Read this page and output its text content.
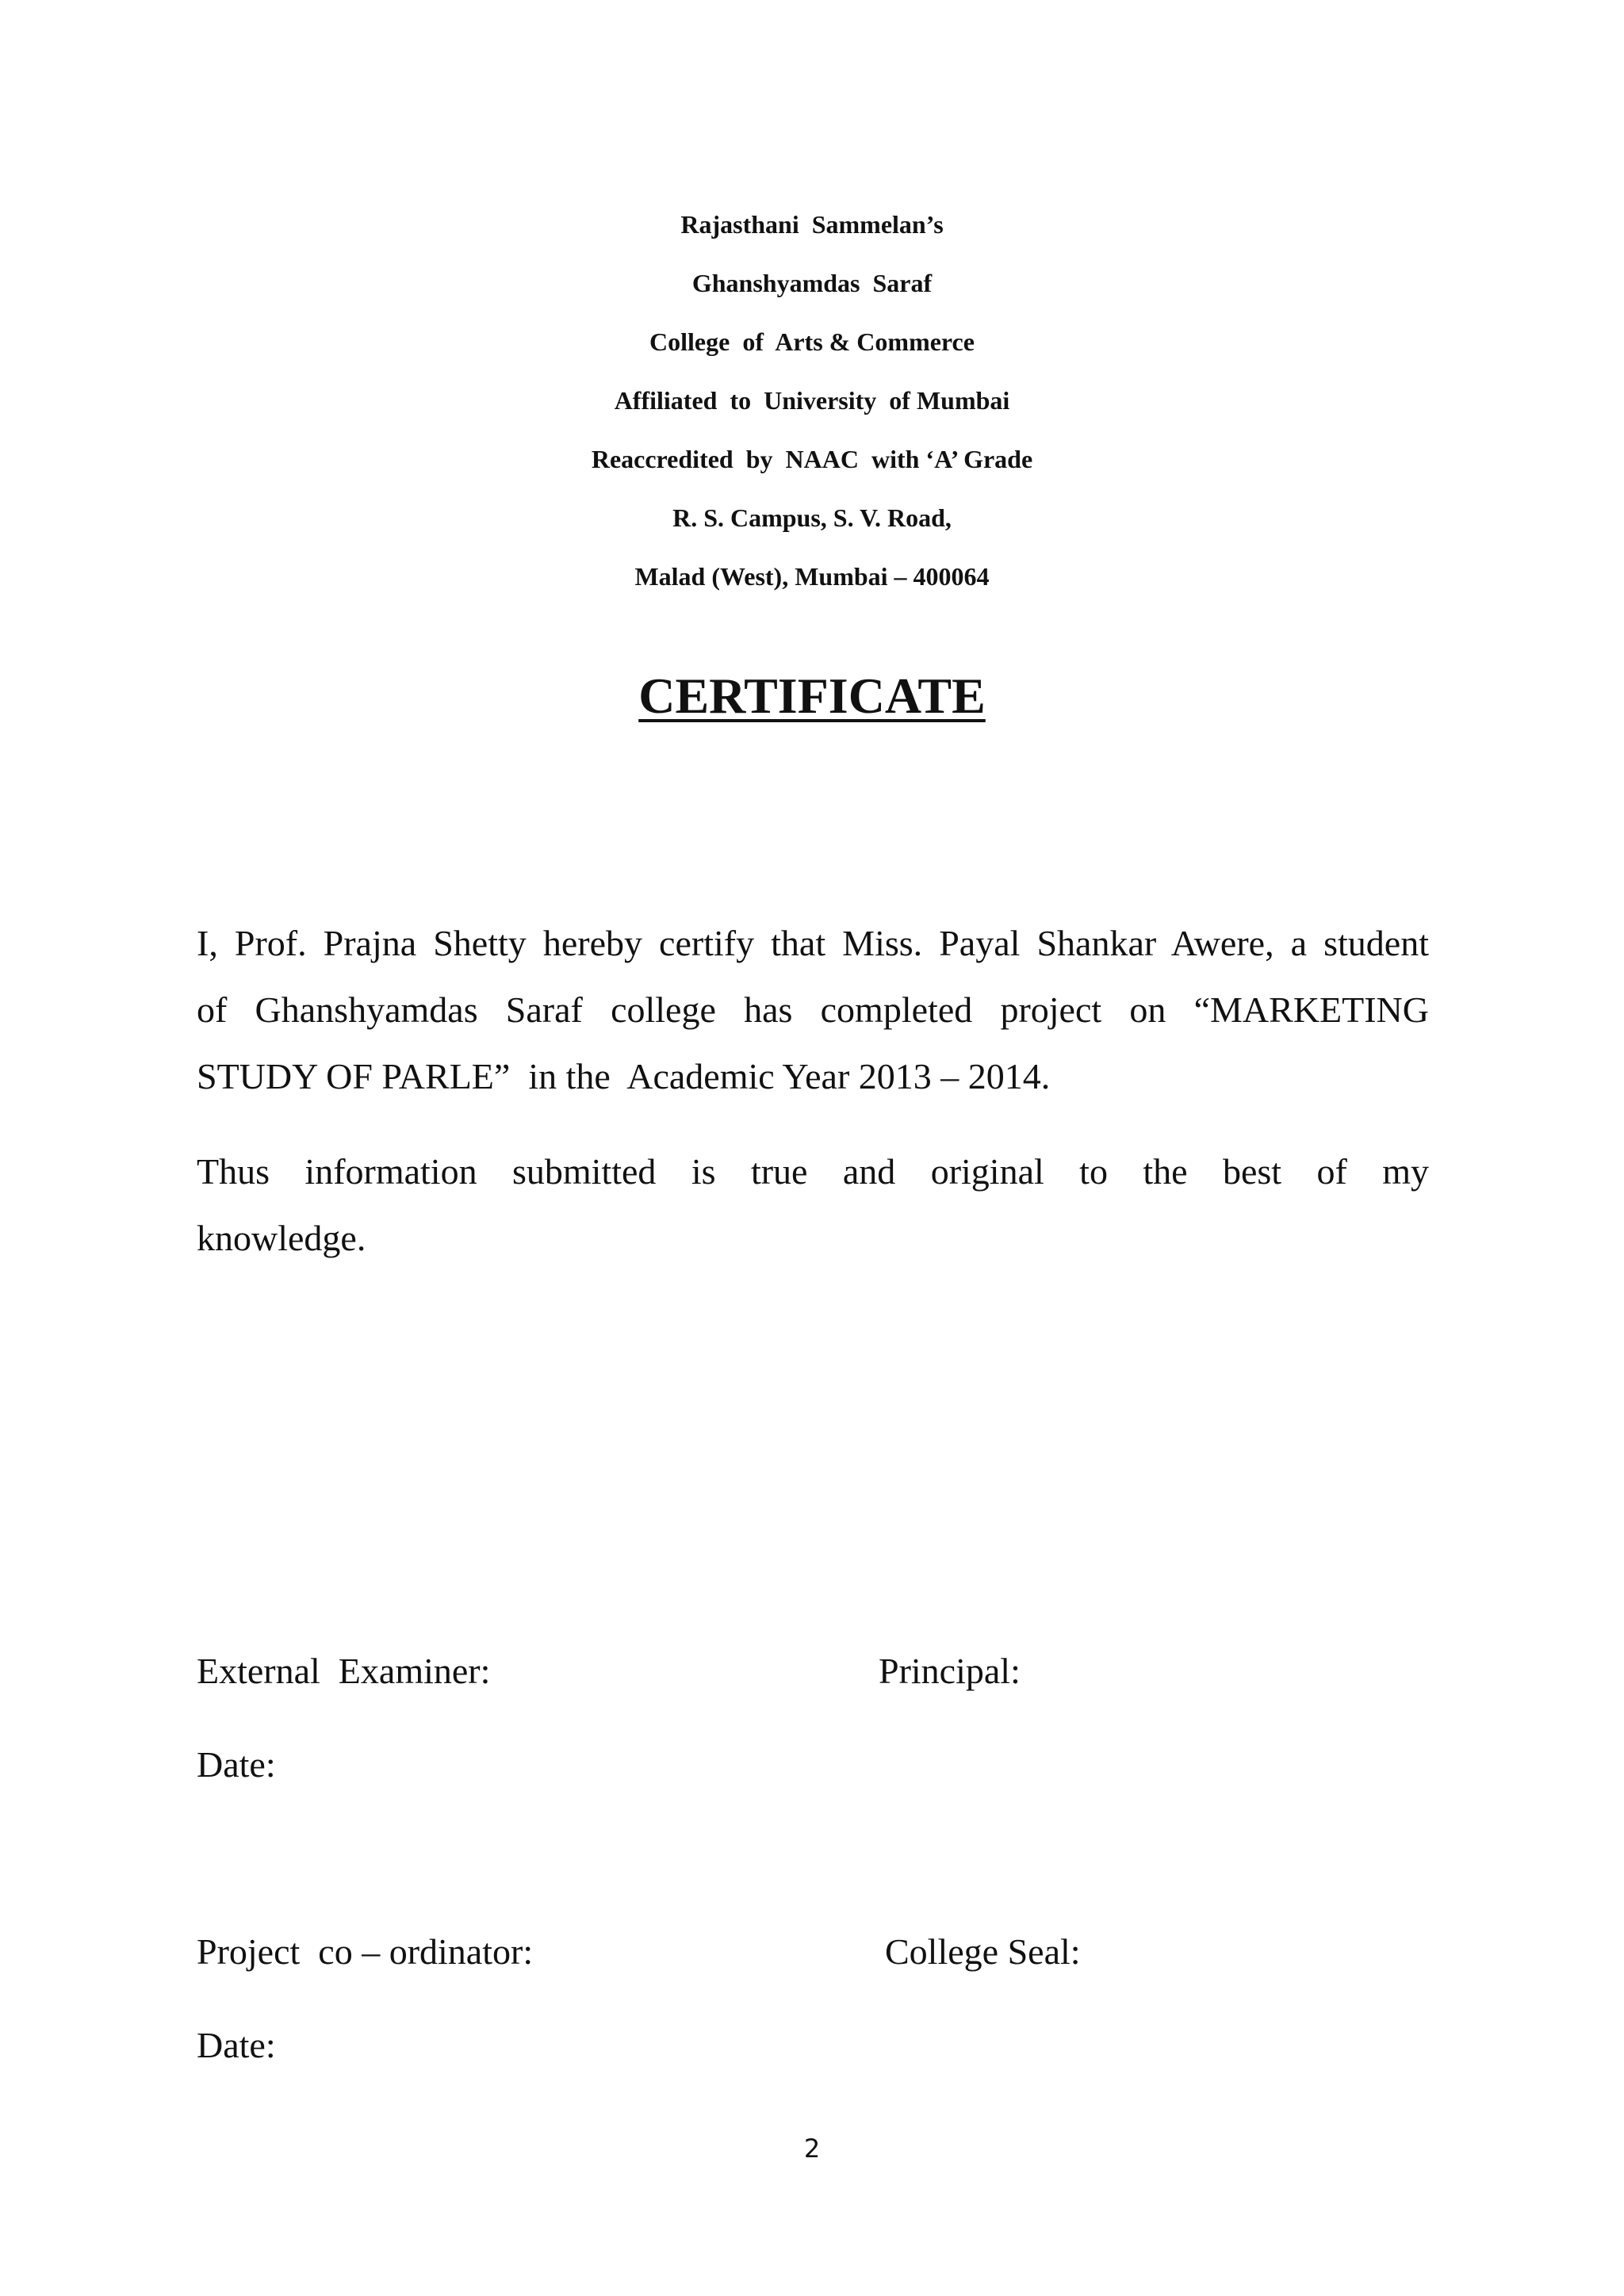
Rajasthani  Sammelan’s
Ghanshyamdas  Saraf
College  of  Arts & Commerce
Affiliated  to  University  of Mumbai
Reaccredited  by  NAAC  with ‘A’ Grade
R. S. Campus, S. V. Road,
Malad (West), Mumbai – 400064
CERTIFICATE
I, Prof. Prajna Shetty hereby certify that Miss. Payal Shankar Awere, a student
of Ghanshyamdas Saraf college has completed project on “MARKETING
STUDY OF PARLE”  in the  Academic Year 2013 – 2014.
Thus information submitted is true and original to the best of my
knowledge.
External  Examiner:	Principal:
Date:
Project  co – ordinator:	College Seal:
Date:
2
